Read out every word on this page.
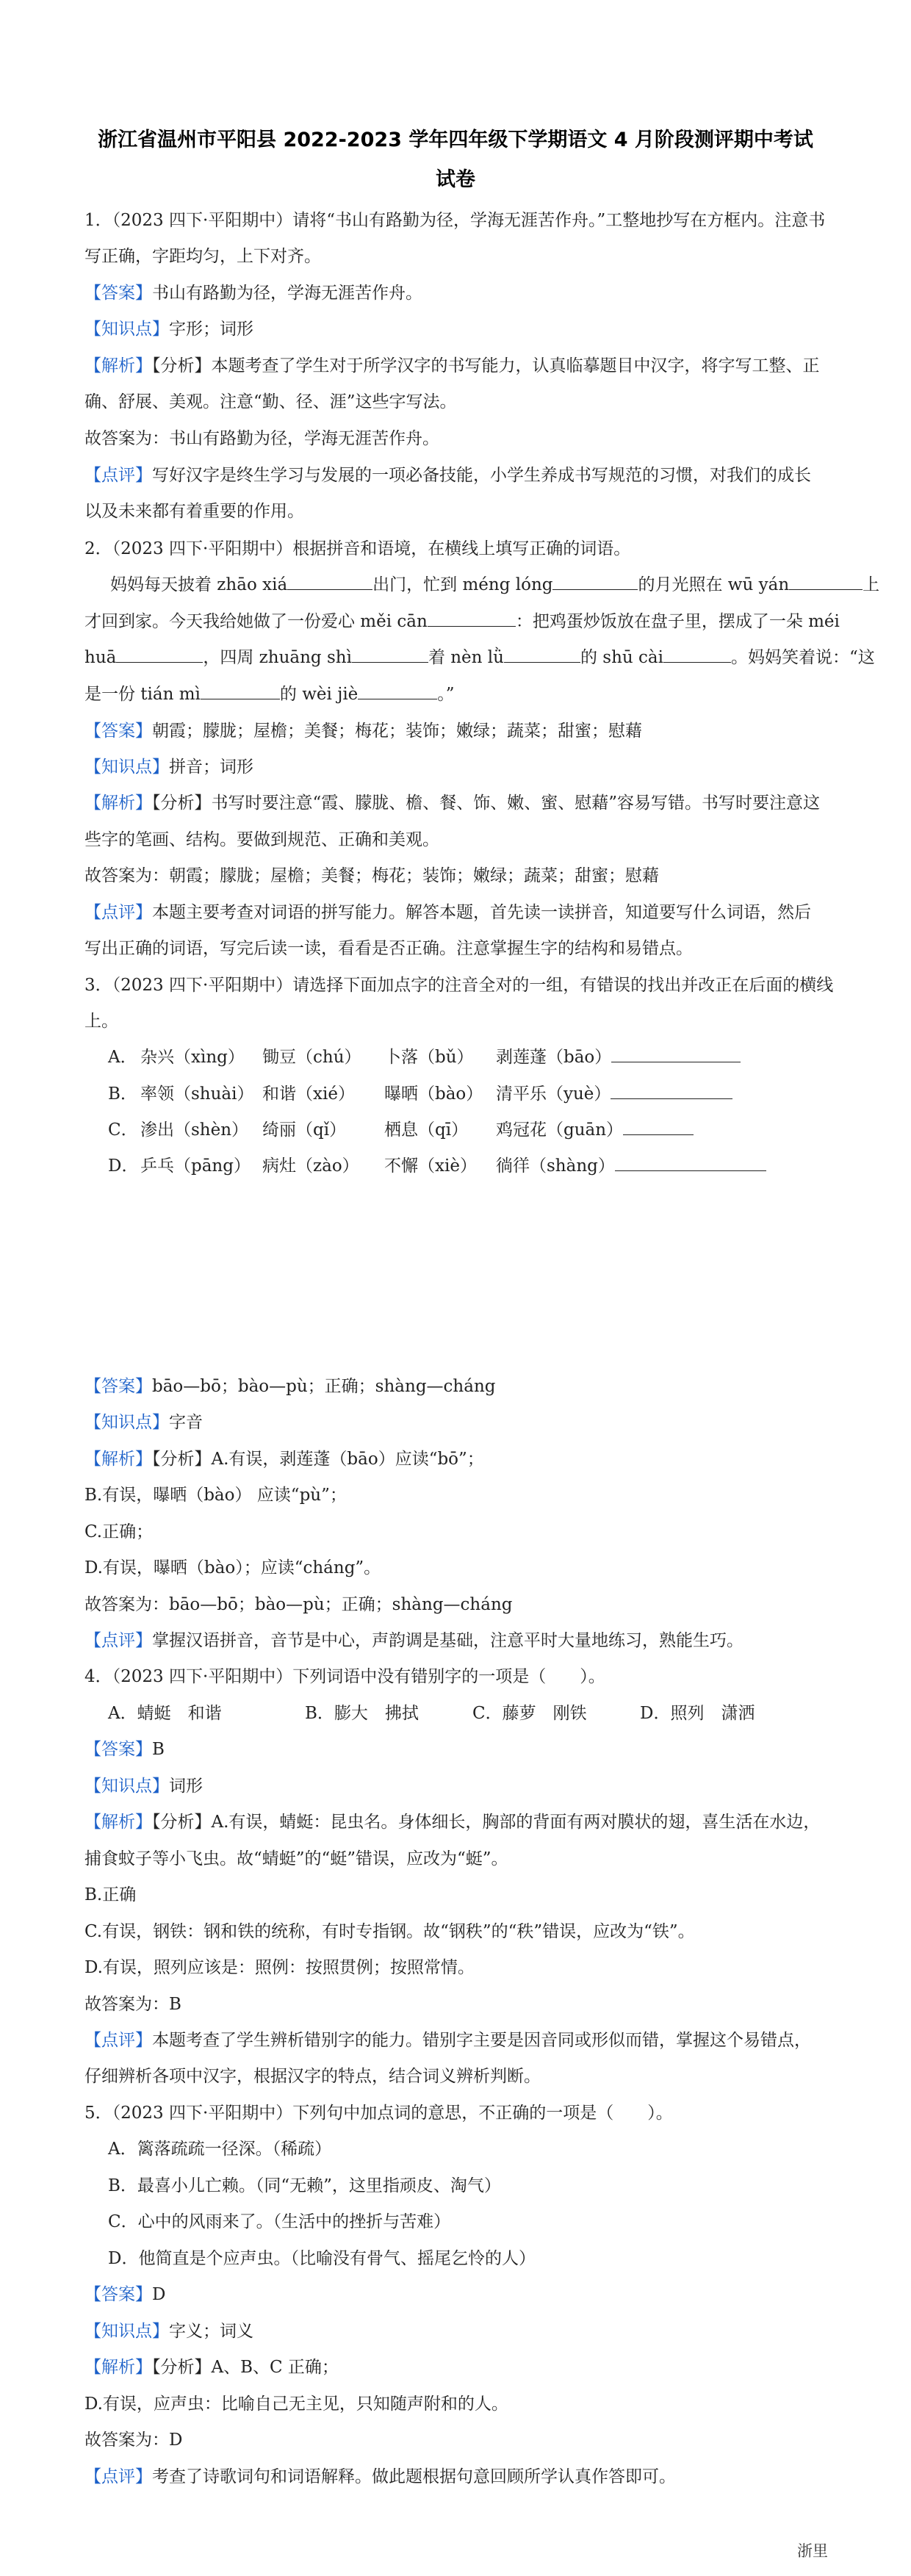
浙江省温州市平阳县 2022-2023 学年四年级下学期语文 4 月阶段测评期中考试
试卷
1．（2023 四下·平阳期中）请将“书山有路勤为径，学海无涯苦作舟。”工整地抄写在方框内。注意书
写正确，字距均匀，上下对齐。
【答案】书山有路勤为径，学海无涯苦作舟。
【知识点】字形；词形
【解析】【分析】本题考查了学生对于所学汉字的书写能力，认真临摹题目中汉字，将字写工整、正
确、舒展、美观。注意“勤、径、涯”这些字写法。
故答案为：书山有路勤为径，学海无涯苦作舟。
【点评】写好汉字是终生学习与发展的一项必备技能，小学生养成书写规范的习惯，对我们的成长
以及未来都有着重要的作用。
2．（2023 四下·平阳期中）根据拼音和语境，在横线上填写正确的词语。
妈妈每天披着 zhāo xiá	出门，忙到 méng lóng	的月光照在 wū yán	上
才回到家。今天我给她做了一份爱心 měi cān	：把鸡蛋炒饭放在盘子里，摆成了一朵 méi
huā	，四周 zhuāng shì	着 nèn lǜ	的 shū cài	。妈妈笑着说：“这
是一份 tián mì	的 wèi jiè	。”
【答案】朝霞；朦胧；屋檐；美餐；梅花；装饰；嫩绿；蔬菜；甜蜜；慰藉
【知识点】拼音；词形
【解析】【分析】书写时要注意“霞、朦胧、檐、餐、饰、嫩、蜜、慰藉”容易写错。书写时要注意这
些字的笔画、结构。要做到规范、正确和美观。
故答案为：朝霞；朦胧；屋檐；美餐；梅花；装饰；嫩绿；蔬菜；甜蜜；慰藉
【点评】本题主要考查对词语的拼写能力。解答本题，首先读一读拼音，知道要写什么词语，然后
写出正确的词语，写完后读一读，看看是否正确。注意掌握生字的结构和易错点。
3．（2023 四下·平阳期中）请选择下面加点字的注音全对的一组，有错误的找出并改正在后面的横线
上。
A． 杂兴（xìng） 锄豆（chú） 卜落（bǔ） 剥莲蓬（bāo）
B． 率领（shuài） 和谐（xié） 曝晒（bào） 清平乐（yuè）
C． 渗出（shèn） 绮丽（qǐ） 栖息（qī） 鸡冠花（guān）
D． 乒乓（pāng） 病灶（zào） 不懈（xiè） 徜徉（shàng）
【答案】bāo—bō；bào—pù；正确；shàng—cháng
【知识点】字音
【解析】【分析】A.有误，剥莲蓬（bāo）应读“bō”；
B.有误，曝晒（bào） 应读“pù”；
C.正确；
D.有误，曝晒（bào）；应读“cháng”。
故答案为：bāo—bō；bào—pù；正确；shàng—cháng
【点评】掌握汉语拼音，音节是中心，声韵调是基础，注意平时大量地练习，熟能生巧。
4．（2023 四下·平阳期中）下列词语中没有错别字的一项是（　　）。
A．蜻蜓　和谐	B．膨大　拂拭	C．藤萝　刚铁	D．照列　潇洒
【答案】B
【知识点】词形
【解析】【分析】A.有误，蜻蜓：昆虫名。身体细长，胸部的背面有两对膜状的翅，喜生活在水边，
捕食蚊子等小飞虫。故“蜻蜓”的“蜓”错误，应改为“蜓”。
B.正确
C.有误，钢铁：钢和铁的统称，有时专指钢。故“钢秩”的“秩”错误，应改为“铁”。
D.有误，照列应该是：照例：按照贯例；按照常情。
故答案为：B
【点评】本题考查了学生辨析错别字的能力。错别字主要是因音同或形似而错，掌握这个易错点，
仔细辨析各项中汉字，根据汉字的特点，结合词义辨析判断。
5．（2023 四下·平阳期中）下列句中加点词的意思，不正确的一项是（　　）。
A．篱落疏疏一径深。（稀疏）
B．最喜小儿亡赖。（同“无赖”，这里指顽皮、淘气）
C．心中的风雨来了。（生活中的挫折与苦难）
D．他简直是个应声虫。（比喻没有骨气、摇尾乞怜的人）
【答案】D
【知识点】字义；词义
【解析】【分析】A、B、C 正确；
D.有误，应声虫：比喻自己无主见，只知随声附和的人。
故答案为：D
【点评】考查了诗歌词句和词语解释。做此题根据句意回顾所学认真作答即可。
浙里
